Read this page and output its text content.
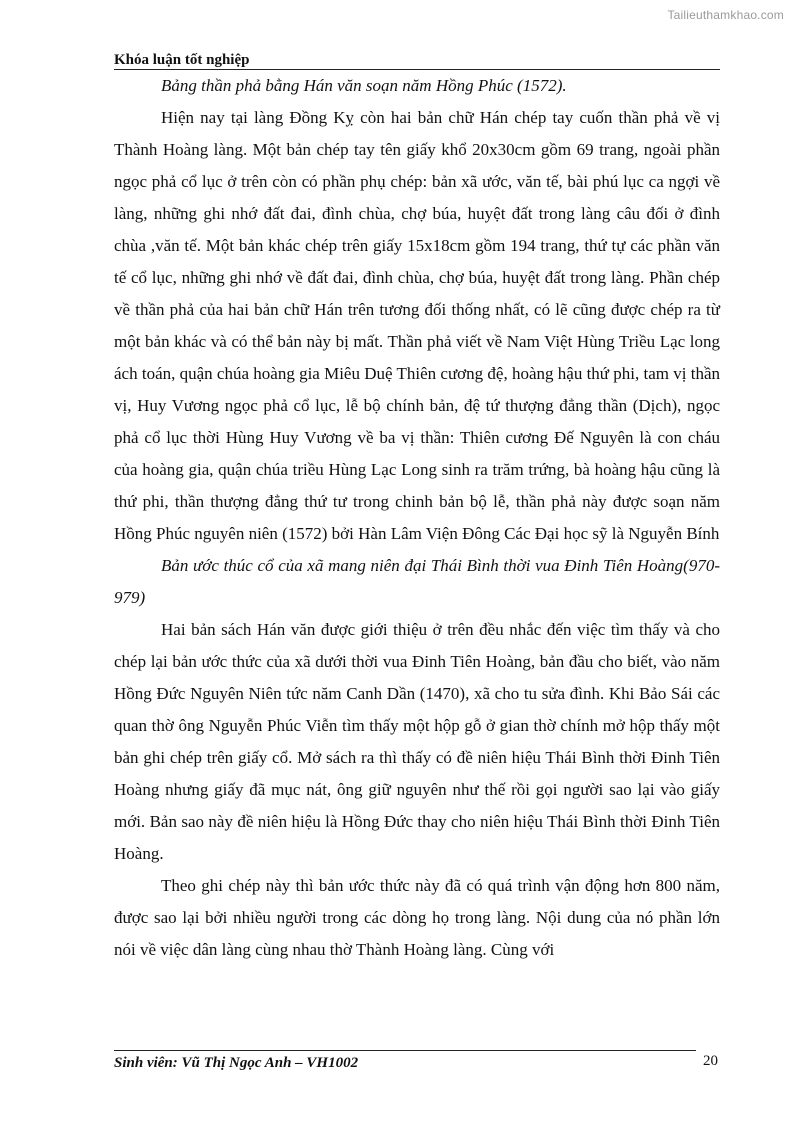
Tailieuthamkhao.com
Khóa luận tốt nghiệp

Bảng thần phả bằng Hán văn soạn năm Hồng Phúc (1572).

Hiện nay tại làng Đồng Kỵ còn hai bản chữ Hán chép tay cuốn thần phả về vị Thành Hoàng làng. Một bản chép tay tên giấy khổ 20x30cm gồm 69 trang, ngoài phần ngọc phả cổ lục ở trên còn có phần phụ chép: bản xã ước, văn tế, bài phú lục ca ngợi về làng, những ghi nhớ đất đai, đình chùa, chợ búa, huyệt đất trong làng câu đối ở đình chùa ,văn tế. Một bản khác chép trên giấy 15x18cm gồm 194 trang, thứ tự các phần văn tế cổ lục, những ghi nhớ về đất đai, đình chùa, chợ búa, huyệt đất trong làng. Phần chép về thần phả của hai bản chữ Hán trên tương đối thống nhất, có lẽ cũng được chép ra từ một bản khác và có thể bản này bị mất. Thần phả viết về Nam Việt Hùng Triều Lạc long ách toán, quận chúa hoàng gia Miêu Duệ Thiên cương đệ, hoàng hậu thứ phi, tam vị thần vị, Huy Vương ngọc phả cổ lục, lễ bộ chính bản, đệ tứ thượng đẳng thần (Dịch), ngọc phả cổ lục thời Hùng Huy Vương về ba vị thần: Thiên cương Đế Nguyên là con cháu của hoàng gia, quận chúa triều Hùng Lạc Long sinh ra trăm trứng, bà hoàng hậu cũng là thứ phi, thần thượng đẳng thứ tư trong chinh bản bộ lễ, thần phả này được soạn năm Hồng Phúc nguyên niên (1572) bởi Hàn Lâm Viện Đông Các Đại học sỹ là Nguyễn Bính

Bản ước thúc cổ của xã mang niên đại Thái Bình thời vua Đinh Tiên Hoàng(970-979)

Hai bản sách Hán văn được giới thiệu ở trên đều nhắc đến việc tìm thấy và cho chép lại bản ước thức của xã dưới thời vua Đinh Tiên Hoàng, bản đầu cho biết, vào năm Hồng Đức Nguyên Niên tức năm Canh Dần (1470), xã cho tu sửa đình. Khi Bảo Sái các quan thờ ông Nguyễn Phúc Viễn tìm thấy một hộp gỗ ở gian thờ chính mở hộp thấy một bản ghi chép trên giấy cổ. Mở sách ra thì thấy có đề niên hiệu Thái Bình thời Đinh Tiên Hoàng nhưng giấy đã mục nát, ông giữ nguyên như thế rồi gọi người sao lại vào giấy mới. Bản sao này đề niên hiệu là Hồng Đức thay cho niên hiệu Thái Bình thời Đinh Tiên Hoàng.

Theo ghi chép này thì bản ước thức này đã có quá trình vận động hơn 800 năm, được sao lại bởi nhiều người trong các dòng họ trong làng. Nội dung của nó phần lớn nói về việc dân làng cùng nhau thờ Thành Hoàng làng. Cùng với

Sinh viên: Vũ Thị Ngọc Anh – VH1002	20
